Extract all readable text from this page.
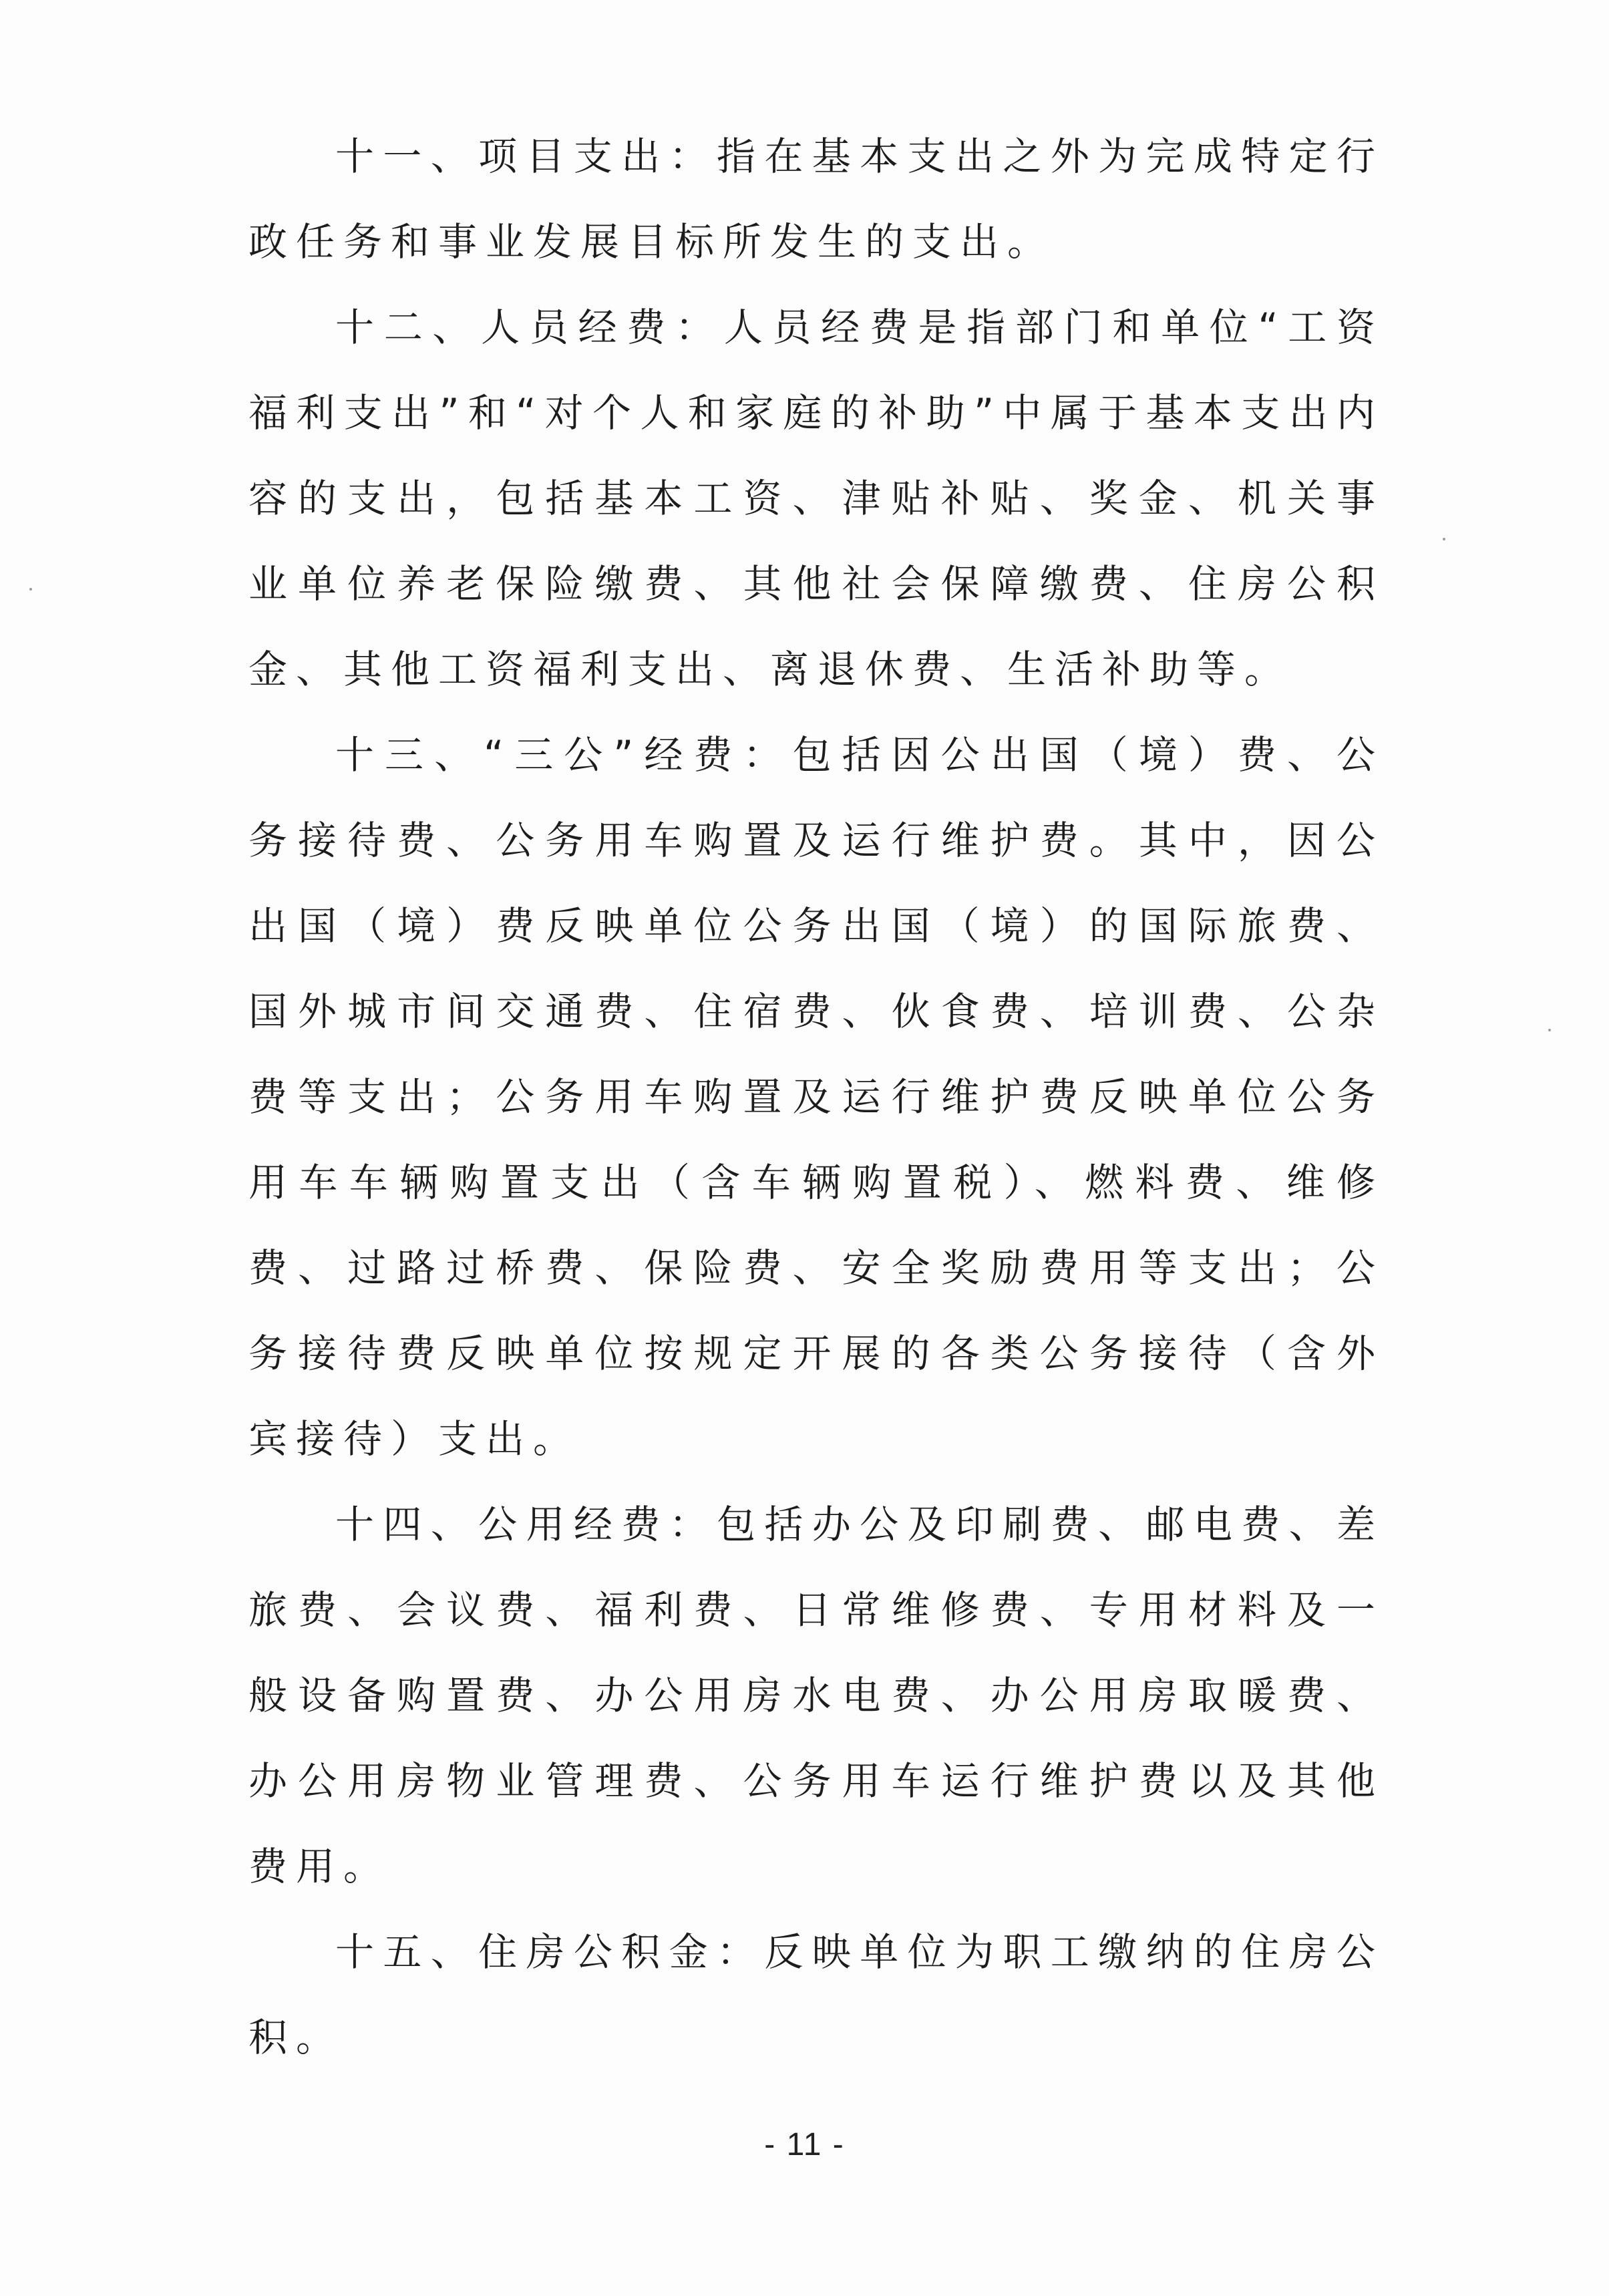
十一、项目支出：指在基本支出之外为完成特定行政任务和事业发展目标所发生的支出。

十二、人员经费：人员经费是指部门和单位“工资福利支出”和“对个人和家庭的补助”中属于基本支出内容的支出，包括基本工资、津贴补贴、奖金、机关事业单位养老保险缴费、其他社会保障缴费、住房公积金、其他工资福利支出、离退休费、生活补助等。

十三、“三公”经费：包括因公出国（境）费、公务接待费、公务用车购置及运行维护费。其中，因公出国（境）费反映单位公务出国（境）的国际旅费、国外城市间交通费、住宿费、伙食费、培训费、公杂费等支出；公务用车购置及运行维护费反映单位公务用车车辆购置支出（含车辆购置税）、燃料费、维修费、过路过桥费、保险费、安全奖励费用等支出；公务接待费反映单位按规定开展的各类公务接待（含外宾接待）支出。

十四、公用经费：包括办公及印刷费、邮电费、差旅费、会议费、福利费、日常维修费、专用材料及一般设备购置费、办公用房水电费、办公用房取暖费、办公用房物业管理费、公务用车运行维护费以及其他费用。

十五、住房公积金：反映单位为职工缴纳的住房公积。

- 11 -
